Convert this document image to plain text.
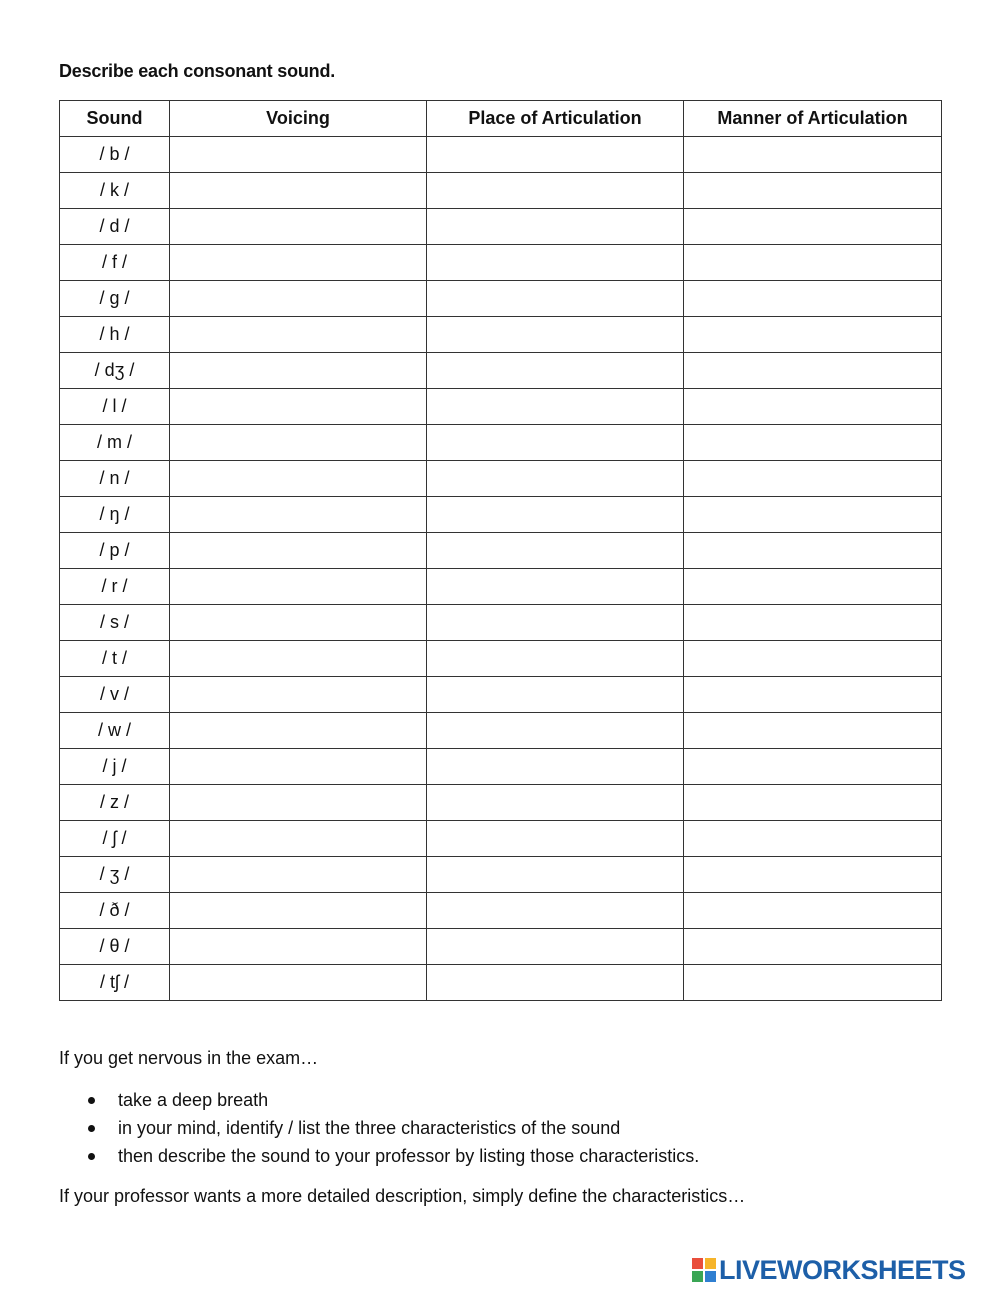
Describe each consonant sound.
Sound	Voicing	Place of Articulation	Manner of Articulation
/ b /			
/ k /			
/ d /			
/ f /			
/ g /			
/ h /			
/ dʒ /			
/ l /			
/ m /			
/ n /			
/ ŋ /			
/ p /			
/ r /			
/ s /			
/ t /			
/ v /			
/ w /			
/ j /			
/ z /			
/ ʃ /			
/ ʒ /			
/ ð /			
/ θ /			
/ tʃ /			
If you get nervous in the exam…
take a deep breath
in your mind, identify / list the three characteristics of the sound
then describe the sound to your professor by listing those characteristics.
If your professor wants a more detailed description, simply define the characteristics…
LIVEWORKSHEETS
